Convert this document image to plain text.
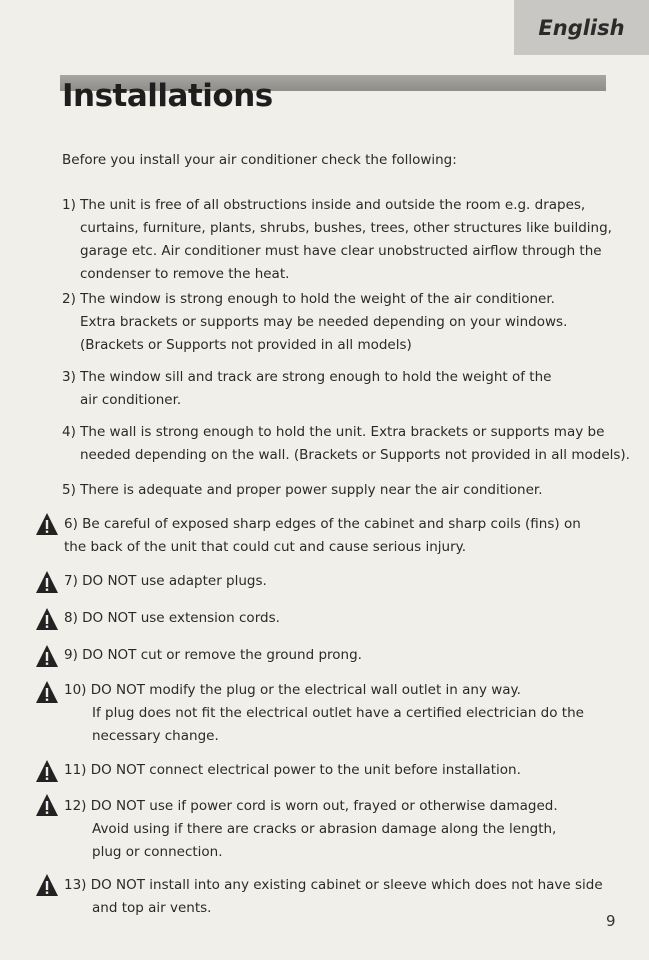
English
Installations

Before you install your air conditioner check the following:

1) The unit is free of all obstructions inside and outside the room e.g. drapes,
curtains, furniture, plants, shrubs, bushes, trees, other structures like building,
garage etc. Air conditioner must have clear unobstructed airflow through the
condenser to remove the heat.
2) The window is strong enough to hold the weight of the air conditioner.
Extra brackets or supports may be needed depending on your windows.
(Brackets or Supports not provided in all models)
3) The window sill and track are strong enough to hold the weight of the
air conditioner.
4) The wall is strong enough to hold the unit. Extra brackets or supports may be
needed depending on the wall. (Brackets or Supports not provided in all models).
5) There is adequate and proper power supply near the air conditioner.
6) Be careful of exposed sharp edges of the cabinet and sharp coils (fins) on
the back of the unit that could cut and cause serious injury.
7) DO NOT use adapter plugs.
8) DO NOT use extension cords.
9) DO NOT cut or remove the ground prong.
10) DO NOT modify the plug or the electrical wall outlet in any way.
If plug does not fit the electrical outlet have a certified electrician do the
necessary change.
11) DO NOT connect electrical power to the unit before installation.
12) DO NOT use if power cord is worn out, frayed or otherwise damaged.
Avoid using if there are cracks or abrasion damage along the length,
plug or connection.
13) DO NOT install into any existing cabinet or sleeve which does not have side
and top air vents.
9
